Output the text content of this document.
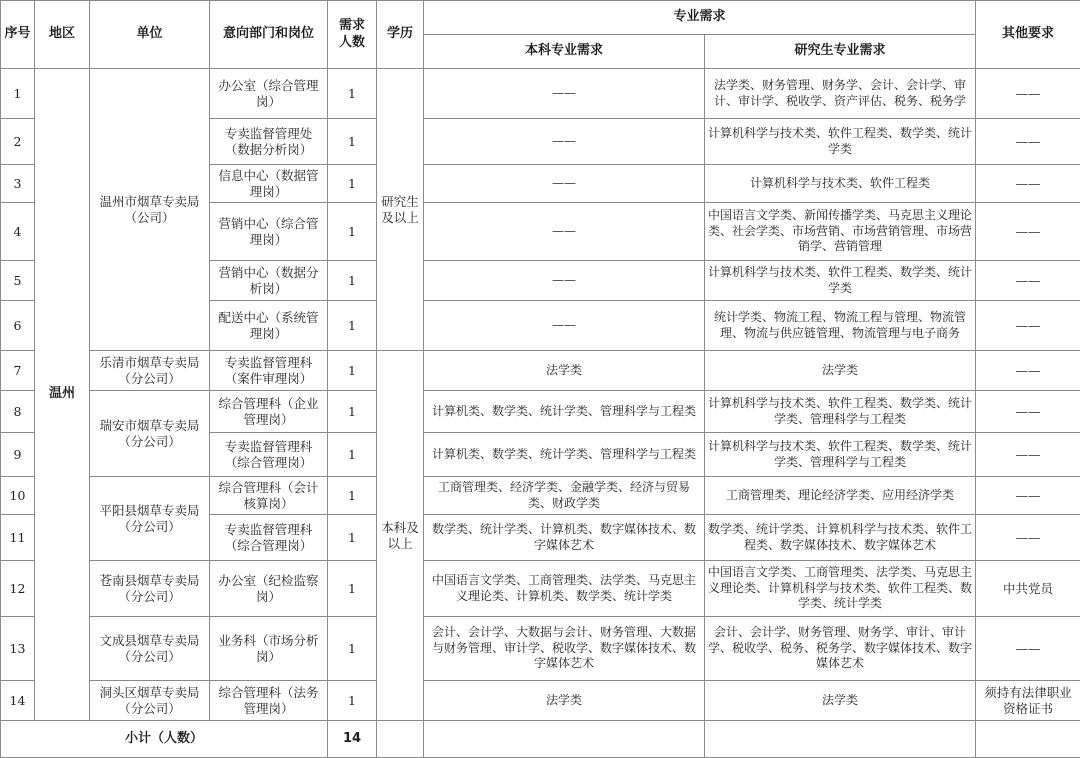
序号	地区	单位	意向部门和岗位	需求
人数	学历	专业需求		其他要求
						本科专业需求	研究生专业需求	
1	温州	温州市烟草专卖局（公司）	办公室（综合管理岗）	1	研究生及以上	——	法学类、财务管理、财务学、会计、会计学、审计、审计学、税收学、资产评估、税务、税务学	——
2			专卖监督管理处（数据分析岗）	1		——	计算机科学与技术类、软件工程类、数学类、统计学类	——
3			信息中心（数据管理岗）	1		——	计算机科学与技术类、软件工程类	——
4			营销中心（综合管理岗）	1		——	中国语言文学类、新闻传播学类、马克思主义理论类、社会学类、市场营销、市场营销管理、市场营销学、营销管理	——
5			营销中心（数据分析岗）	1		——	计算机科学与技术类、软件工程类、数学类、统计学类	——
6			配送中心（系统管理岗）	1		——	统计学类、物流工程、物流工程与管理、物流管理、物流与供应链管理、物流管理与电子商务	——
7		乐清市烟草专卖局（分公司）	专卖监督管理科（案件审理岗）	1	本科及以上	法学类	法学类	——
8		瑞安市烟草专卖局（分公司）	综合管理科（企业管理岗）	1		计算机类、数学类、统计学类、管理科学与工程类	计算机科学与技术类、软件工程类、数学类、统计学类、管理科学与工程类	——
9			专卖监督管理科（综合管理岗）	1		计算机类、数学类、统计学类、管理科学与工程类	计算机科学与技术类、软件工程类、数学类、统计学类、管理科学与工程类	——
10		平阳县烟草专卖局（分公司）	综合管理科（会计核算岗）	1		工商管理类、经济学类、金融学类、经济与贸易类、财政学类	工商管理类、理论经济学类、应用经济学类	——
11			专卖监督管理科（综合管理岗）	1		数学类、统计学类、计算机类、数字媒体技术、数字媒体艺术	数学类、统计学类、计算机科学与技术类、软件工程类、数字媒体技术、数字媒体艺术	——
12		苍南县烟草专卖局（分公司）	办公室（纪检监察岗）	1		中国语言文学类、工商管理类、法学类、马克思主义理论类、计算机类、数学类、统计学类	中国语言文学类、工商管理类、法学类、马克思主义理论类、计算机科学与技术类、软件工程类、数学类、统计学类	中共党员
13		文成县烟草专卖局（分公司）	业务科（市场分析岗）	1		会计、会计学、大数据与会计、财务管理、大数据与财务管理、审计学、税收学、数字媒体技术、数字媒体艺术	会计、会计学、财务管理、财务学、审计、审计学、税收学、税务、税务学、数字媒体技术、数字媒体艺术	——
14		洞头区烟草专卖局（分公司）	综合管理科（法务管理岗）	1		法学类	法学类	须持有法律职业资格证书
小计（人数）				14				
